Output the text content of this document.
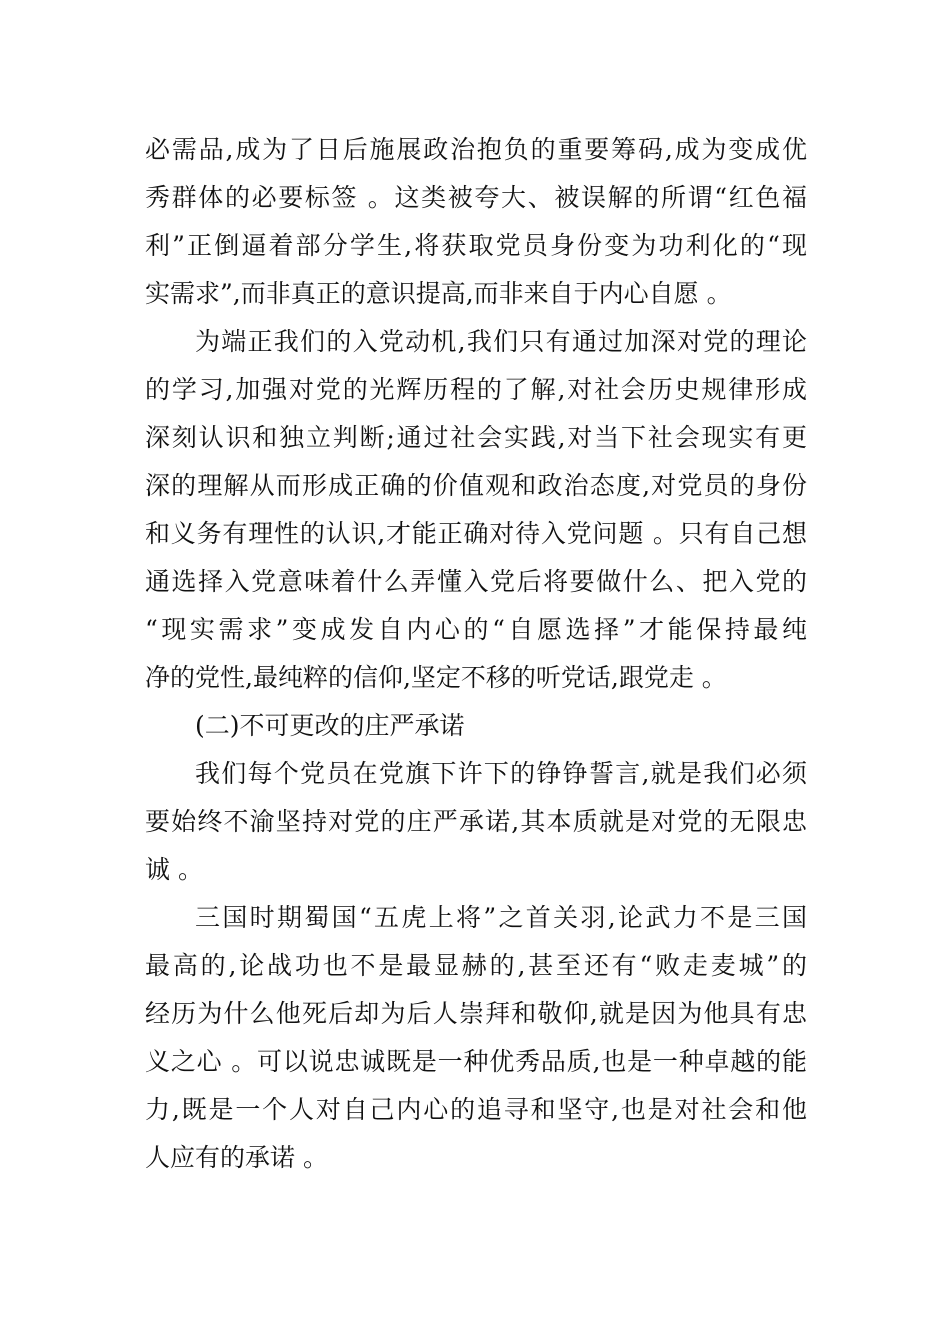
必需品,成为了日后施展政治抱负的重要筹码,成为变成优
秀群体的必要标签 。这类被夸大、被误解的所谓“红色福
利”正倒逼着部分学生,将获取党员身份变为功利化的“现
实需求”,而非真正的意识提高,而非来自于内心自愿 。
为端正我们的入党动机,我们只有通过加深对党的理论
的学习,加强对党的光辉历程的了解,对社会历史规律形成
深刻认识和独立判断;通过社会实践,对当下社会现实有更
深的理解从而形成正确的价值观和政治态度,对党员的身份
和义务有理性的认识,才能正确对待入党问题 。只有自己想
通选择入党意味着什么弄懂入党后将要做什么、把入党的
“现实需求”变成发自内心的“自愿选择”才能保持最纯
净的党性,最纯粹的信仰,坚定不移的听党话,跟党走 。
(二)不可更改的庄严承诺
我们每个党员在党旗下许下的铮铮誓言,就是我们必须
要始终不渝坚持对党的庄严承诺,其本质就是对党的无限忠
诚 。
三国时期蜀国“五虎上将”之首关羽,论武力不是三国
最高的,论战功也不是最显赫的,甚至还有“败走麦城”的
经历为什么他死后却为后人崇拜和敬仰,就是因为他具有忠
义之心 。可以说忠诚既是一种优秀品质,也是一种卓越的能
力,既是一个人对自己内心的追寻和坚守,也是对社会和他
人应有的承诺 。
